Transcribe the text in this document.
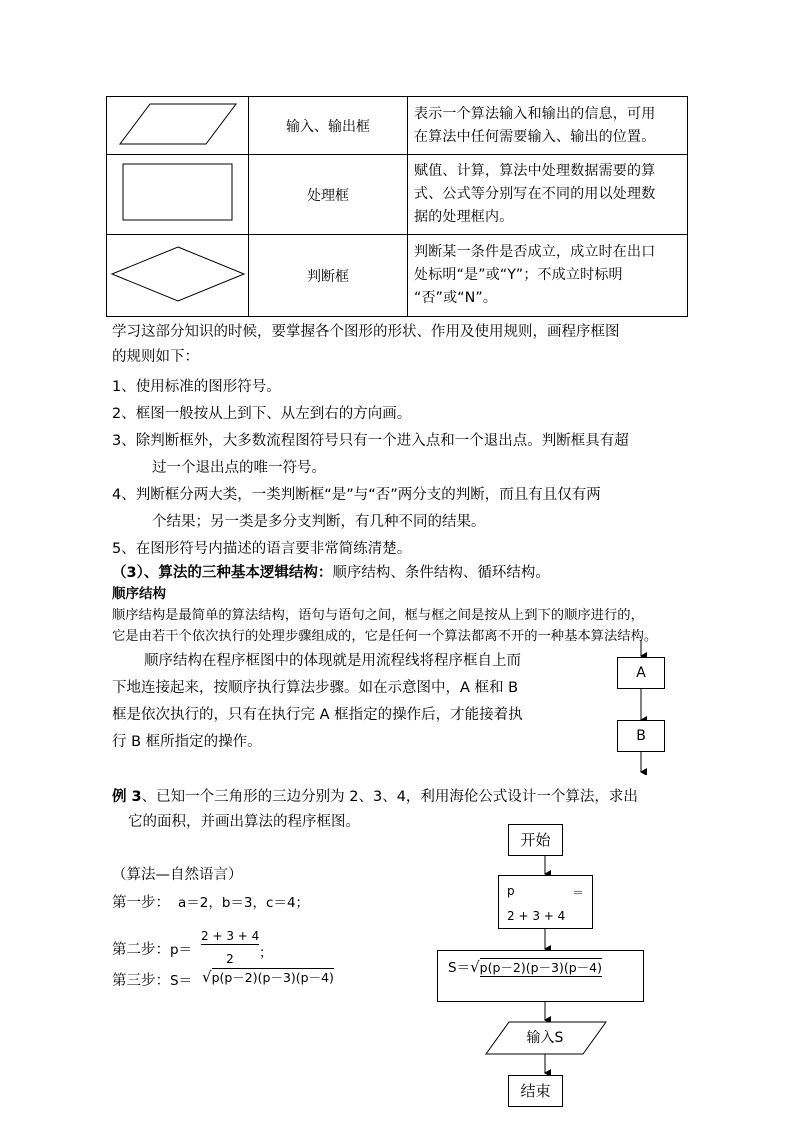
	输入、输出框	表示一个算法输入和输出的信息，可用
在算法中任何需要输入、输出的位置。

	处理框	赋值、计算，算法中处理数据需要的算
式、公式等分别写在不同的用以处理数
据的处理框内。

	判断框	判断某一条件是否成立，成立时在出口
处标明“是”或“Y”；不成立时标明
“否”或“N”。
学习这部分知识的时候，要掌握各个图形的形状、作用及使用规则，画程序框图
的规则如下：
1、使用标准的图形符号。
2、框图一般按从上到下、从左到右的方向画。
3、除判断框外，大多数流程图符号只有一个进入点和一个退出点。判断框具有超
过一个退出点的唯一符号。
4、判断框分两大类，一类判断框“是”与“否”两分支的判断，而且有且仅有两
个结果；另一类是多分支判断，有几种不同的结果。
5、在图形符号内描述的语言要非常简练清楚。
（3）、算法的三种基本逻辑结构：顺序结构、条件结构、循环结构。
顺序结构
顺序结构是最简单的算法结构，语句与语句之间，框与框之间是按从上到下的顺序进行的，
它是由若干个依次执行的处理步骤组成的，它是任何一个算法都离不开的一种基本算法结构。
顺序结构在程序框图中的体现就是用流程线将程序框自上而
下地连接起来，按顺序执行算法步骤。如在示意图中，A 框和 B
框是依次执行的，只有在执行完 A 框指定的操作后，才能接着执
行 B 框所指定的操作。
A
B
例 3、已知一个三角形的三边分别为 2、3、4，利用海伦公式设计一个算法，求出
它的面积，并画出算法的程序框图。
（算法—自然语言）
第一步： a＝2，b＝3，c＝4；
第二步：$p= \frac{2 + 3 + 4}{2}$ ；
第三步：S＝ √p(p－2)(p－3)(p－4)
开始
p	＝
2 + 3 + 4
S＝√p(p－2)(p－3)(p－4)
输入S
结束
